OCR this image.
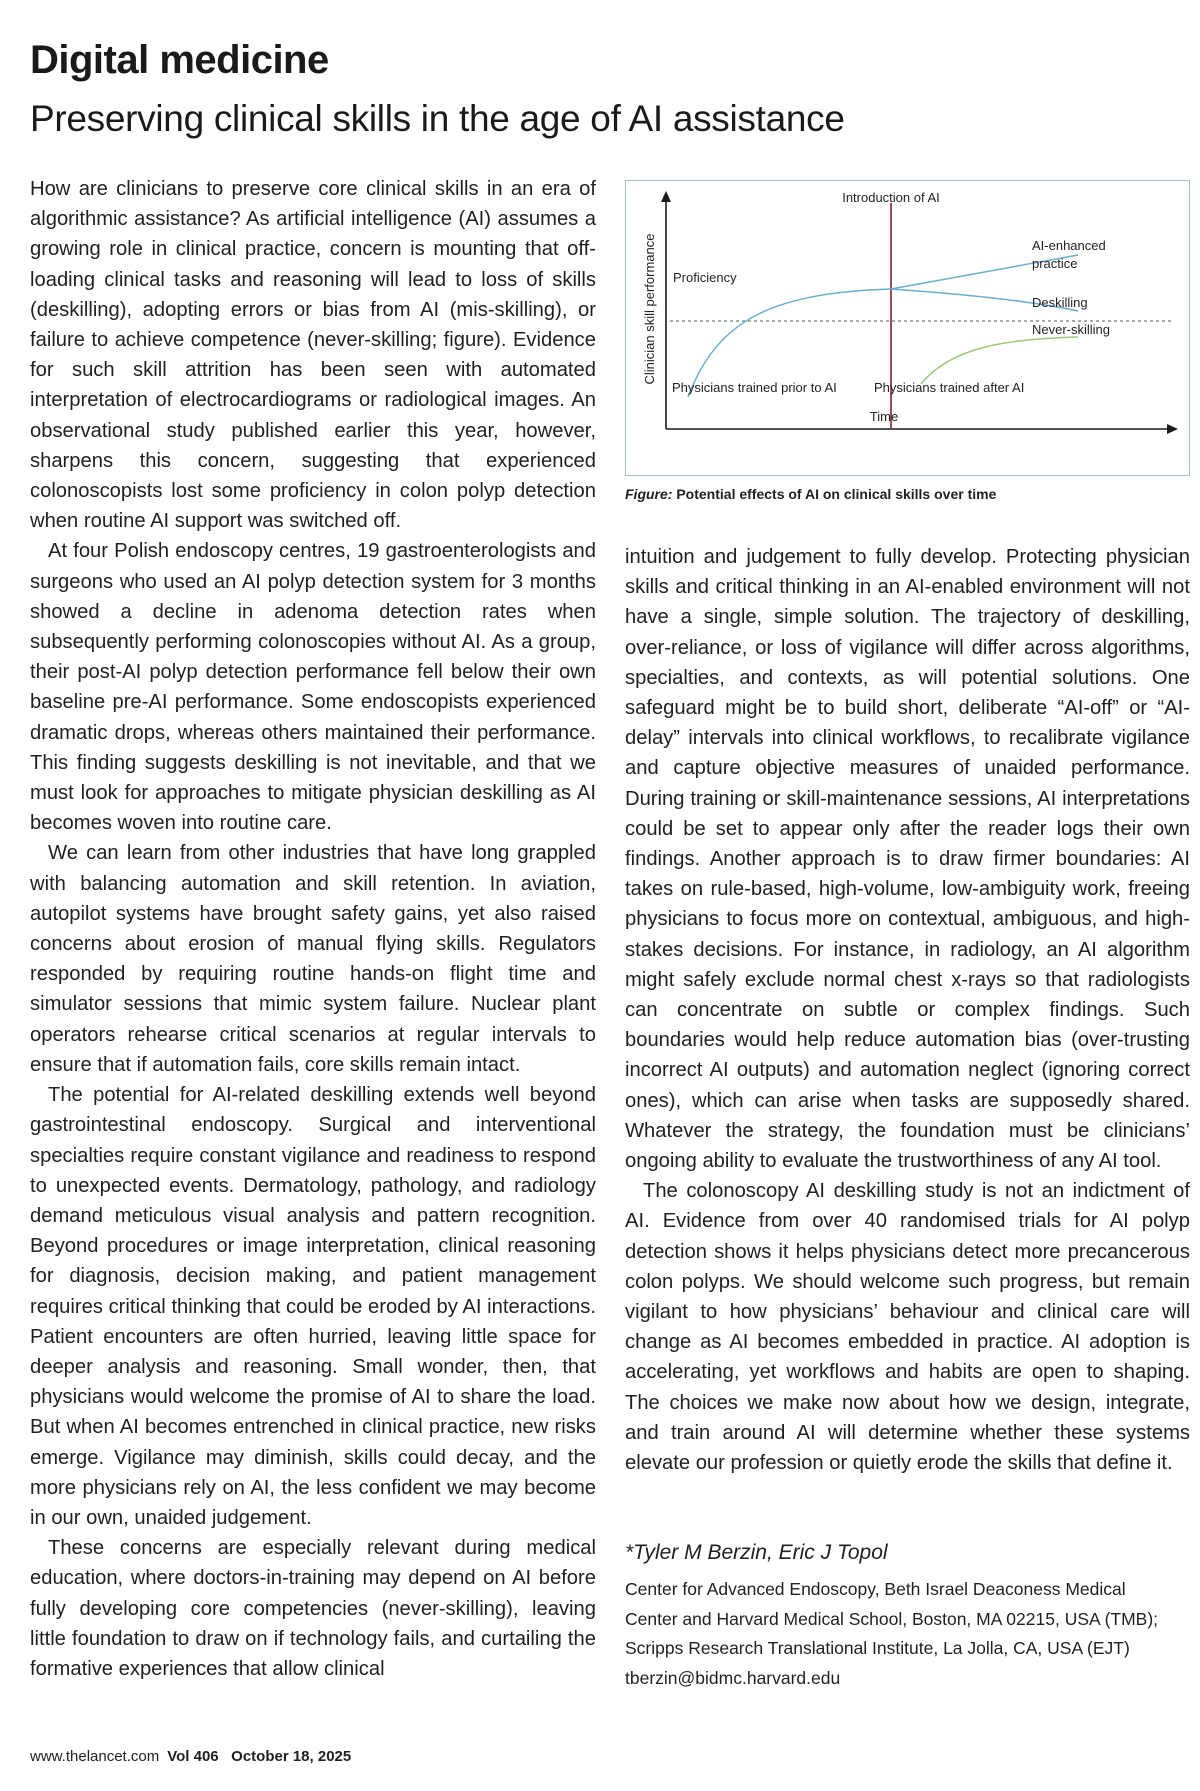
Digital medicine
Preserving clinical skills in the age of AI assistance

How are clinicians to preserve core clinical skills in an era of algorithmic assistance? As artificial intelligence (AI) assumes a growing role in clinical practice, concern is mounting that off-loading clinical tasks and reasoning will lead to loss of skills (deskilling), adopting errors or bias from AI (mis-skilling), or failure to achieve competence (never-skilling; figure). Evidence for such skill attrition has been seen with automated interpretation of electrocardiograms or radiological images. An observational study published earlier this year, however, sharpens this concern, suggesting that experienced colonoscopists lost some proficiency in colon polyp detection when routine AI support was switched off.

At four Polish endoscopy centres, 19 gastroenterologists and surgeons who used an AI polyp detection system for 3 months showed a decline in adenoma detection rates when subsequently performing colonoscopies without AI. As a group, their post-AI polyp detection performance fell below their own baseline pre-AI performance. Some endoscopists experienced dramatic drops, whereas others maintained their performance. This finding suggests deskilling is not inevitable, and that we must look for approaches to mitigate physician deskilling as AI becomes woven into routine care.

We can learn from other industries that have long grappled with balancing automation and skill retention. In aviation, autopilot systems have brought safety gains, yet also raised concerns about erosion of manual flying skills. Regulators responded by requiring routine hands-on flight time and simulator sessions that mimic system failure. Nuclear plant operators rehearse critical scenarios at regular intervals to ensure that if automation fails, core skills remain intact.

The potential for AI-related deskilling extends well beyond gastrointestinal endoscopy. Surgical and interventional specialties require constant vigilance and readiness to respond to unexpected events. Dermatology, pathology, and radiology demand meticulous visual analysis and pattern recognition. Beyond procedures or image interpretation, clinical reasoning for diagnosis, decision making, and patient management requires critical thinking that could be eroded by AI interactions. Patient encounters are often hurried, leaving little space for deeper analysis and reasoning. Small wonder, then, that physicians would welcome the promise of AI to share the load. But when AI becomes entrenched in clinical practice, new risks emerge. Vigilance may diminish, skills could decay, and the more physicians rely on AI, the less confident we may become in our own, unaided judgement.

These concerns are especially relevant during medical education, where doctors-in-training may depend on AI before fully developing core competencies (never-skilling), leaving little foundation to draw on if technology fails, and curtailing the formative experiences that allow clinical

Introduction of AI
Clinician skill performance Proficiency
AI-enhanced
practice
Deskilling
Never-skilling
Physicians trained prior to AI	Physicians trained after AI
Time
Figure: Potential effects of AI on clinical skills over time

intuition and judgement to fully develop. Protecting physician skills and critical thinking in an AI-enabled environment will not have a single, simple solution. The trajectory of deskilling, over-reliance, or loss of vigilance will differ across algorithms, specialties, and contexts, as will potential solutions. One safeguard might be to build short, deliberate “AI-off” or “AI-delay” intervals into clinical workflows, to recalibrate vigilance and capture objective measures of unaided performance. During training or skill-maintenance sessions, AI interpretations could be set to appear only after the reader logs their own findings. Another approach is to draw firmer boundaries: AI takes on rule-based, high-volume, low-ambiguity work, freeing physicians to focus more on contextual, ambiguous, and high-stakes decisions. For instance, in radiology, an AI algorithm might safely exclude normal chest x-rays so that radiologists can concentrate on subtle or complex findings. Such boundaries would help reduce automation bias (over-trusting incorrect AI outputs) and automation neglect (ignoring correct ones), which can arise when tasks are supposedly shared. Whatever the strategy, the foundation must be clinicians’ ongoing ability to evaluate the trustworthiness of any AI tool.

The colonoscopy AI deskilling study is not an indictment of AI. Evidence from over 40 randomised trials for AI polyp detection shows it helps physicians detect more precancerous colon polyps. We should welcome such progress, but remain vigilant to how physicians’ behaviour and clinical care will change as AI becomes embedded in practice. AI adoption is accelerating, yet workflows and habits are open to shaping. The choices we make now about how we design, integrate, and train around AI will determine whether these systems elevate our profession or quietly erode the skills that define it.

*Tyler M Berzin, Eric J Topol
Center for Advanced Endoscopy, Beth Israel Deaconess Medical
Center and Harvard Medical School, Boston, MA 02215, USA (TMB);
Scripps Research Translational Institute, La Jolla, CA, USA (EJT)
tberzin@bidmc.harvard.edu
www.thelancet.com Vol 406   October 18, 2025
